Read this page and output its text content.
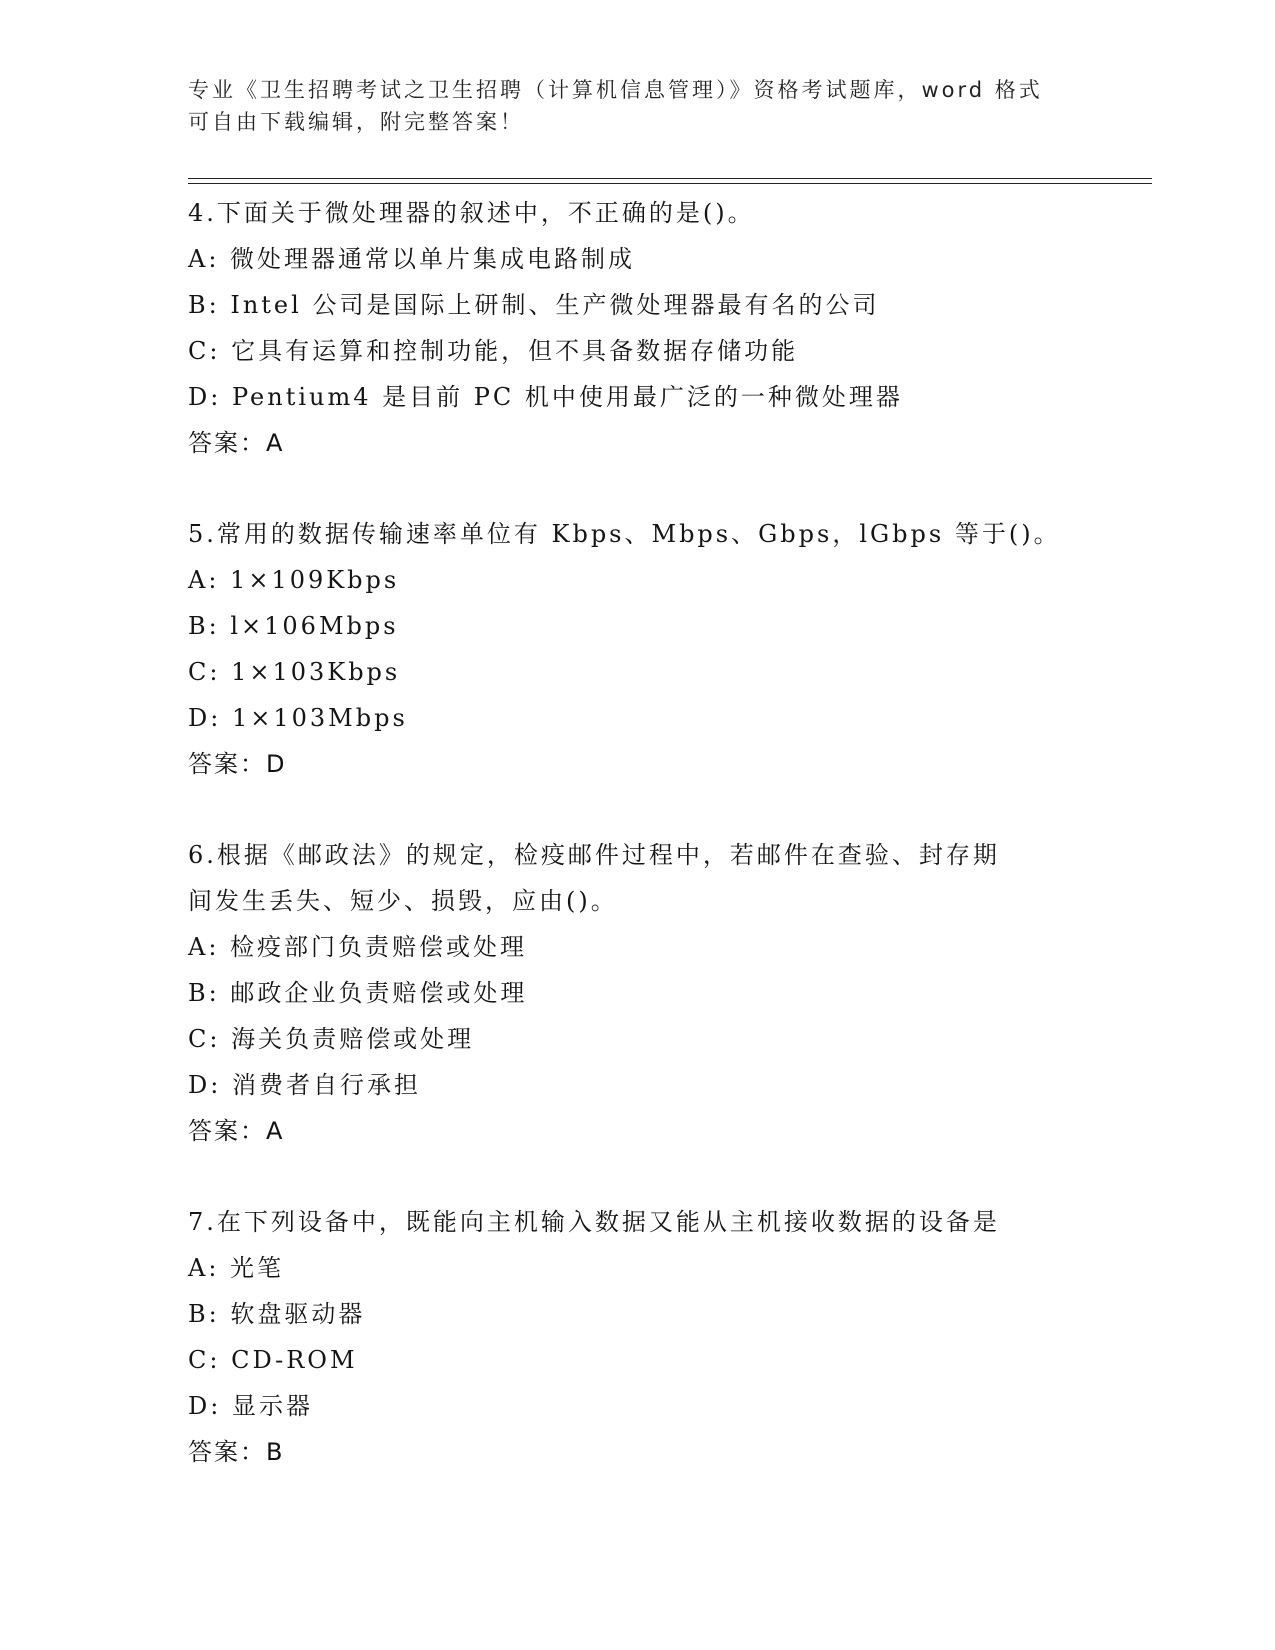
专业《卫生招聘考试之卫生招聘（计算机信息管理）》资格考试题库，word 格式
可自由下载编辑，附完整答案！
4.下面关于微处理器的叙述中，不正确的是()。
A: 微处理器通常以单片集成电路制成
B: Intel 公司是国际上研制、生产微处理器最有名的公司
C: 它具有运算和控制功能，但不具备数据存储功能
D: Pentium4 是目前 PC 机中使用最广泛的一种微处理器
答案：A
5.常用的数据传输速率单位有 Kbps、Mbps、Gbps，lGbps 等于()。
A: 1×109Kbps
B: l×106Mbps
C: 1×103Kbps
D: 1×103Mbps
答案：D
6.根据《邮政法》的规定，检疫邮件过程中，若邮件在查验、封存期
间发生丢失、短少、损毁，应由()。
A: 检疫部门负责赔偿或处理
B: 邮政企业负责赔偿或处理
C: 海关负责赔偿或处理
D: 消费者自行承担
答案：A
7.在下列设备中，既能向主机输入数据又能从主机接收数据的设备是
A: 光笔
B: 软盘驱动器
C: CD-ROM
D: 显示器
答案：B
